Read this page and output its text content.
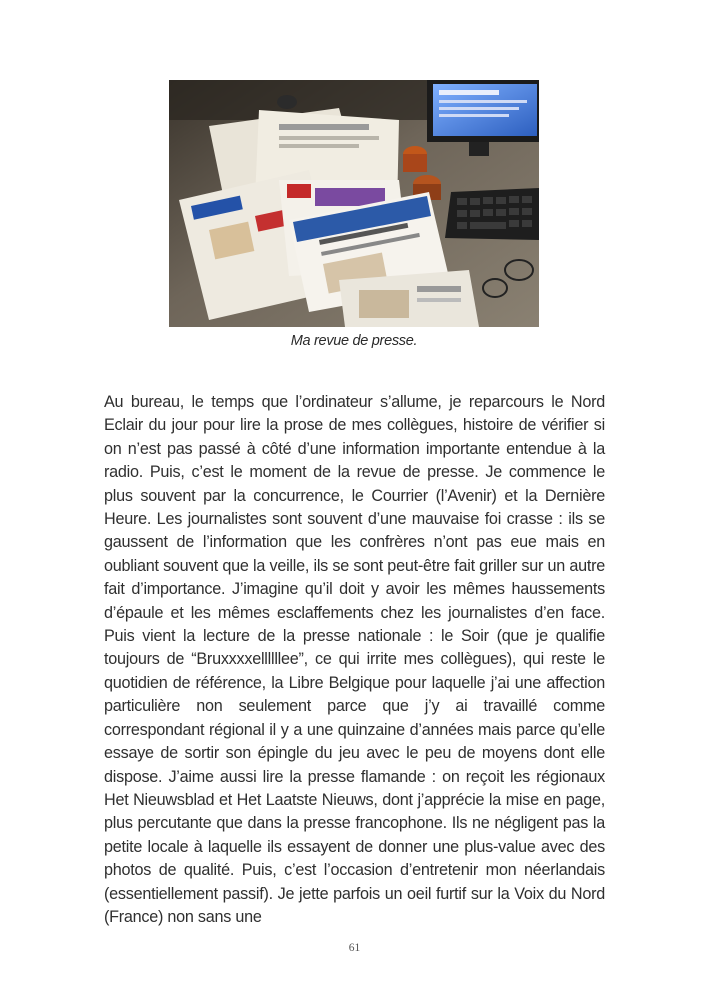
Ma revue de presse.

Au bureau, le temps que l’ordinateur s’allume, je reparcours le Nord Eclair du jour pour lire la prose de mes collègues, histoire de vérifier si on n’est pas passé à côté d’une information importante entendue à la radio. Puis, c’est le moment de la revue de presse. Je commence le plus souvent par la concurrence, le Courrier (l’Avenir) et la Dernière Heure. Les journalistes sont souvent d’une mauvaise foi crasse : ils se gaussent de l’information que les confrères n’ont pas eue mais en oubliant souvent que la veille, ils se sont peut-être fait griller sur un autre fait d’importance. J’imagine qu’il doit y avoir les mêmes haussements d’épaule et les mêmes esclaffements chez les journalistes d’en face. Puis vient la lecture de la presse nationale : le Soir (que je qualifie toujours de “Bruxxxxellllllee”, ce qui irrite mes collègues), qui reste le quotidien de référence, la Libre Belgique pour laquelle j’ai une affection particulière non seulement parce que j’y ai travaillé comme correspondant régional il y a une quinzaine d’années mais parce qu’elle essaye de sortir son épingle du jeu avec le peu de moyens dont elle dispose. J’aime aussi lire la presse flamande : on reçoit les régionaux Het Nieuwsblad et Het Laatste Nieuws, dont j’apprécie la mise en page, plus percutante que dans la presse francophone. Ils ne négligent pas la petite locale à laquelle ils essayent de donner une plus-value avec des photos de qualité. Puis, c’est l’occasion d’entretenir mon néerlandais (essentiellement passif). Je jette parfois un oeil furtif sur la Voix du Nord (France) non sans une

61
